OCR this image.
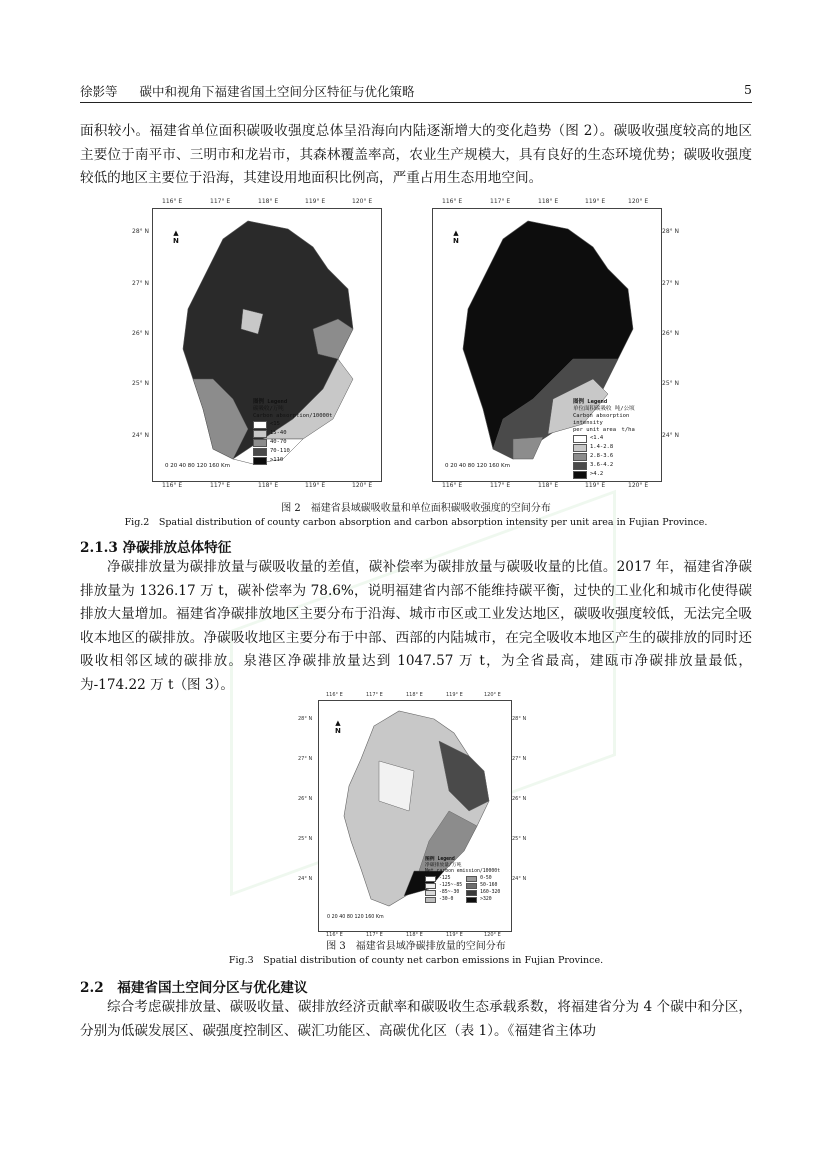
徐影等 碳中和视角下福建省国土空间分区特征与优化策略	5

面积较小。福建省单位面积碳吸收强度总体呈沿海向内陆逐渐增大的变化趋势（图 2）。碳吸收强度较高的地区主要位于南平市、三明市和龙岩市，其森林覆盖率高，农业生产规模大，具有良好的生态环境优势；碳吸收强度较低的地区主要位于沿海，其建设用地面积比例高，严重占用生态用地空间。

▲
N
图例 Legend
碳吸收/万吨
Carbon absorption/10000t
<15
15-40
40-70
70-110
>110
0 20 40 80 120 160 Km
116° E	117° E	118° E	119° E	120° E
116° E	117° E	118° E	119° E	120° E
28° N
27° N
26° N
25° N
24° N
▲
N
图例 Legend
单位面积碳吸收 吨/公顷
Carbon absorption intensity
per unit area　t/ha
<1.4
1.4-2.8
2.8-3.6
3.6-4.2
>4.2
0 20 40 80 120 160 Km
116° E	117° E	118° E	119° E	120° E
116° E	117° E	118° E	119° E	120° E
28° N
27° N
26° N
25° N
24° N
图 2　福建省县域碳吸收量和单位面积碳吸收强度的空间分布
Fig.2　Spatial distribution of county carbon absorption and carbon absorption intensity per unit area in Fujian Province.
2.1.3 净碳排放总体特征

净碳排放量为碳排放量与碳吸收量的差值，碳补偿率为碳排放量与碳吸收量的比值。2017 年，福建省净碳排放量为 1326.17 万 t，碳补偿率为 78.6%，说明福建省内部不能维持碳平衡，过快的工业化和城市化使得碳排放大量增加。福建省净碳排放地区主要分布于沿海、城市市区或工业发达地区，碳吸收强度较低，无法完全吸收本地区的碳排放。净碳吸收地区主要分布于中部、西部的内陆城市，在完全吸收本地区产生的碳排放的同时还吸收相邻区域的碳排放。泉港区净碳排放量达到 1047.57 万 t，为全省最高，建瓯市净碳排放量最低，为-174.22 万 t（图 3）。

▲
N
图例 Legend
净碳排放量/万吨
Net carbon emission/10000t
-125
-125~-85
-85~-30
-30-0
0-50
50-160
160-320
>320
0 20 40 80 120 160 Km
116° E	117° E	118° E	119° E	120° E
116° E	117° E	118° E	119° E	120° E
28° N
27° N
26° N
25° N
24° N
28° N
27° N
26° N
25° N
24° N
图 3　福建省县域净碳排放量的空间分布
Fig.3　Spatial distribution of county net carbon emissions in Fujian Province.
2.2　福建省国土空间分区与优化建议

综合考虑碳排放量、碳吸收量、碳排放经济贡献率和碳吸收生态承载系数，将福建省分为 4 个碳中和分区，分别为低碳发展区、碳强度控制区、碳汇功能区、高碳优化区（表 1）。《福建省主体功
